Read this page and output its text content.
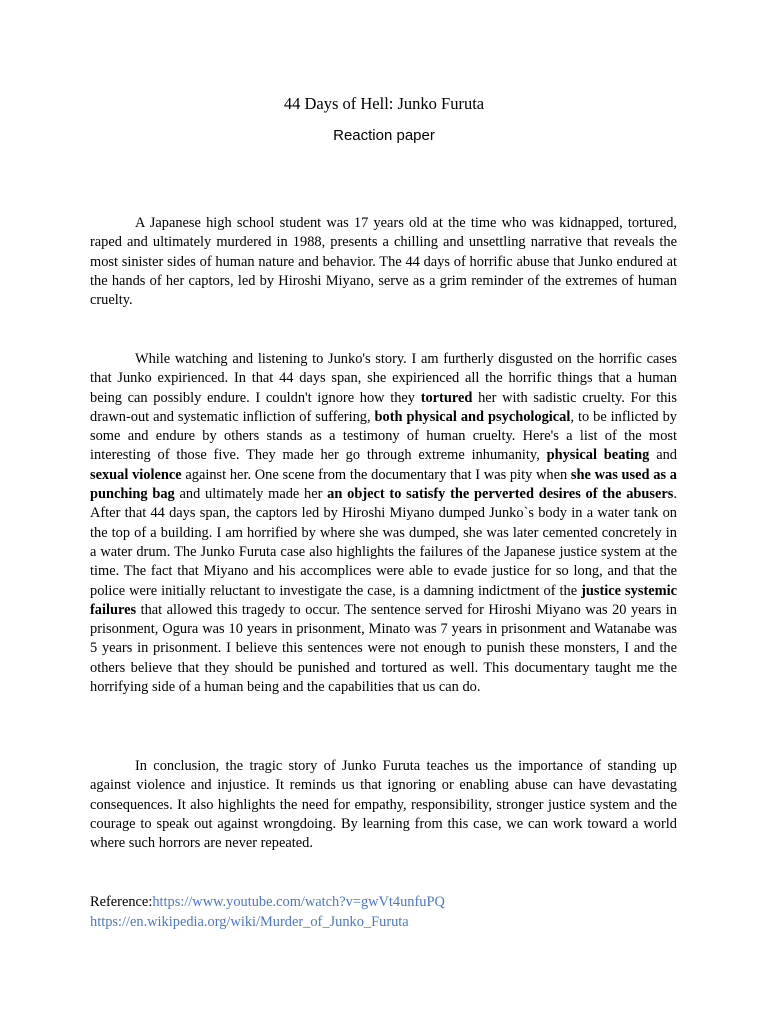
44 Days of Hell: Junko Furuta
Reaction paper

A Japanese high school student was 17 years old at the time who was kidnapped, tortured, raped and ultimately murdered in 1988, presents a chilling and unsettling narrative that reveals the most sinister sides of human nature and behavior. The 44 days of horrific abuse that Junko endured at the hands of her captors, led by Hiroshi Miyano, serve as a grim reminder of the extremes of human cruelty.

While watching and listening to Junko's story. I am furtherly disgusted on the horrific cases that Junko expirienced. In that 44 days span, she expirienced all the horrific things that a human being can possibly endure. I couldn't ignore how they tortured her with sadistic cruelty. For this drawn-out and systematic infliction of suffering, both physical and psychological, to be inflicted by some and endure by others stands as a testimony of human cruelty. Here's a list of the most interesting of those five. They made her go through extreme inhumanity, physical beating and sexual violence against her. One scene from the documentary that I was pity when she was used as a punching bag and ultimately made her an object to satisfy the perverted desires of the abusers. After that 44 days span, the captors led by Hiroshi Miyano dumped Junko`s body in a water tank on the top of a building. I am horrified by where she was dumped, she was later cemented concretely in a water drum. The Junko Furuta case also highlights the failures of the Japanese justice system at the time. The fact that Miyano and his accomplices were able to evade justice for so long, and that the police were initially reluctant to investigate the case, is a damning indictment of the justice systemic failures that allowed this tragedy to occur. The sentence served for Hiroshi Miyano was 20 years in prisonment, Ogura was 10 years in prisonment, Minato was 7 years in prisonment and Watanabe was 5 years in prisonment. I believe this sentences were not enough to punish these monsters, I and the others believe that they should be punished and tortured as well. This documentary taught me the horrifying side of a human being and the capabilities that us can do.

In conclusion, the tragic story of Junko Furuta teaches us the importance of standing up against violence and injustice. It reminds us that ignoring or enabling abuse can have devastating consequences. It also highlights the need for empathy, responsibility, stronger justice system and the courage to speak out against wrongdoing. By learning from this case, we can work toward a world where such horrors are never repeated.

Reference:https://www.youtube.com/watch?v=gwVt4unfuPQ
https://en.wikipedia.org/wiki/Murder_of_Junko_Furuta
